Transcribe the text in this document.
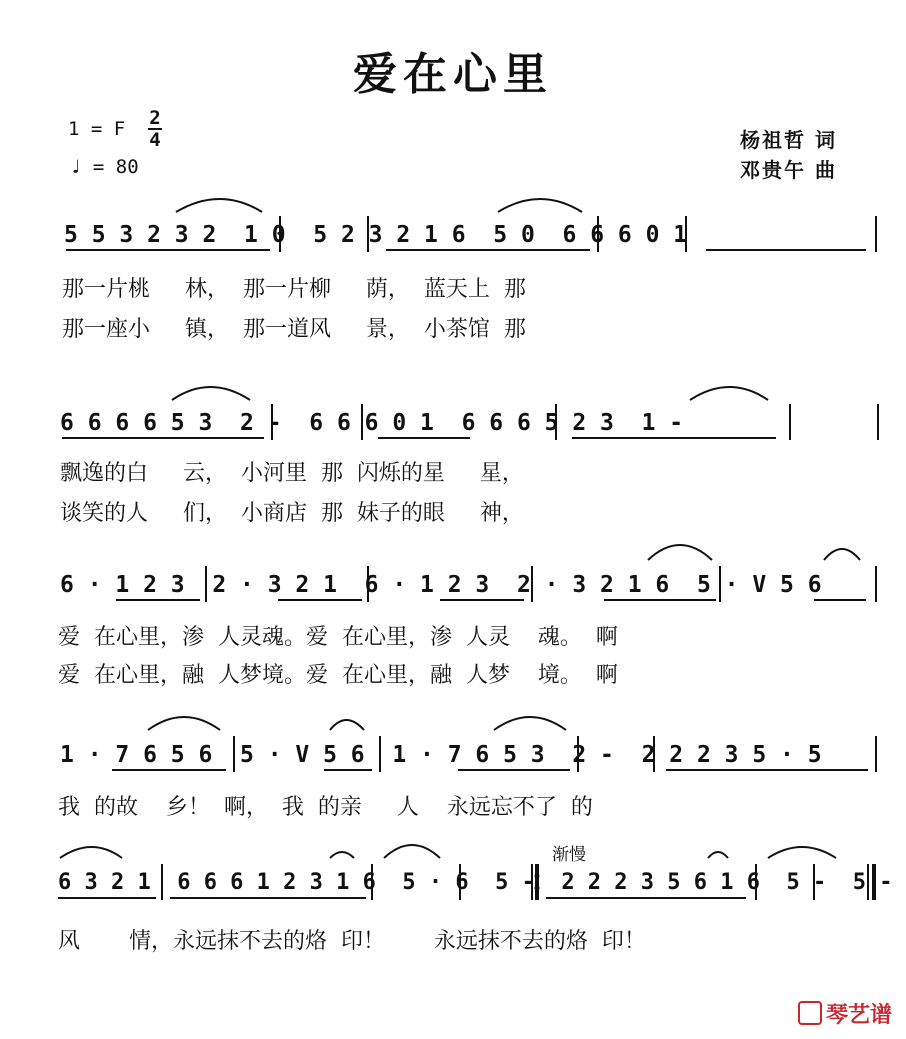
爱在心里
1 = F 2
4
♩ = 80
杨祖哲 词
邓贵午 曲
5 5 3 2 3 2  1 0  5 2 3 2 1 6  5 0  6 6 6 0 1
那一片桃     林，  那一片柳     荫，  蓝天上  那
那一座小     镇，  那一道风     景，  小茶馆  那
6 6 6 6 5 3  2 -  6 6 6 0 1  6 6 6 5 2 3  1 -
飘逸的白     云，  小河里  那  闪烁的星     星，
谈笑的人     们，  小商店  那  妹子的眼     神，
6 · 1 2 3  2 · 3 2 1  6 · 1 2 3  2 · 3 2 1 6  5 · V 5 6
爱  在心里，渗  人灵魂。爱  在心里，渗  人灵    魂。  啊
爱  在心里，融  人梦境。爱  在心里，融  人梦    境。  啊
1 · 7 6 5 6  5 · V 5 6  1 · 7 6 5 3  2 -  2 2 2 3 5 · 5
我  的故    乡！  啊，  我  的亲     人    永远忘不了  的
渐慢
6 3 2 1  6 6 6 1 2 3 1 6  5 · 6  5 -  2 2 2 3 5 6 1 6  5 -  5 -
风       情，永远抹不去的烙  印！       永远抹不去的烙  印！
琴艺谱
